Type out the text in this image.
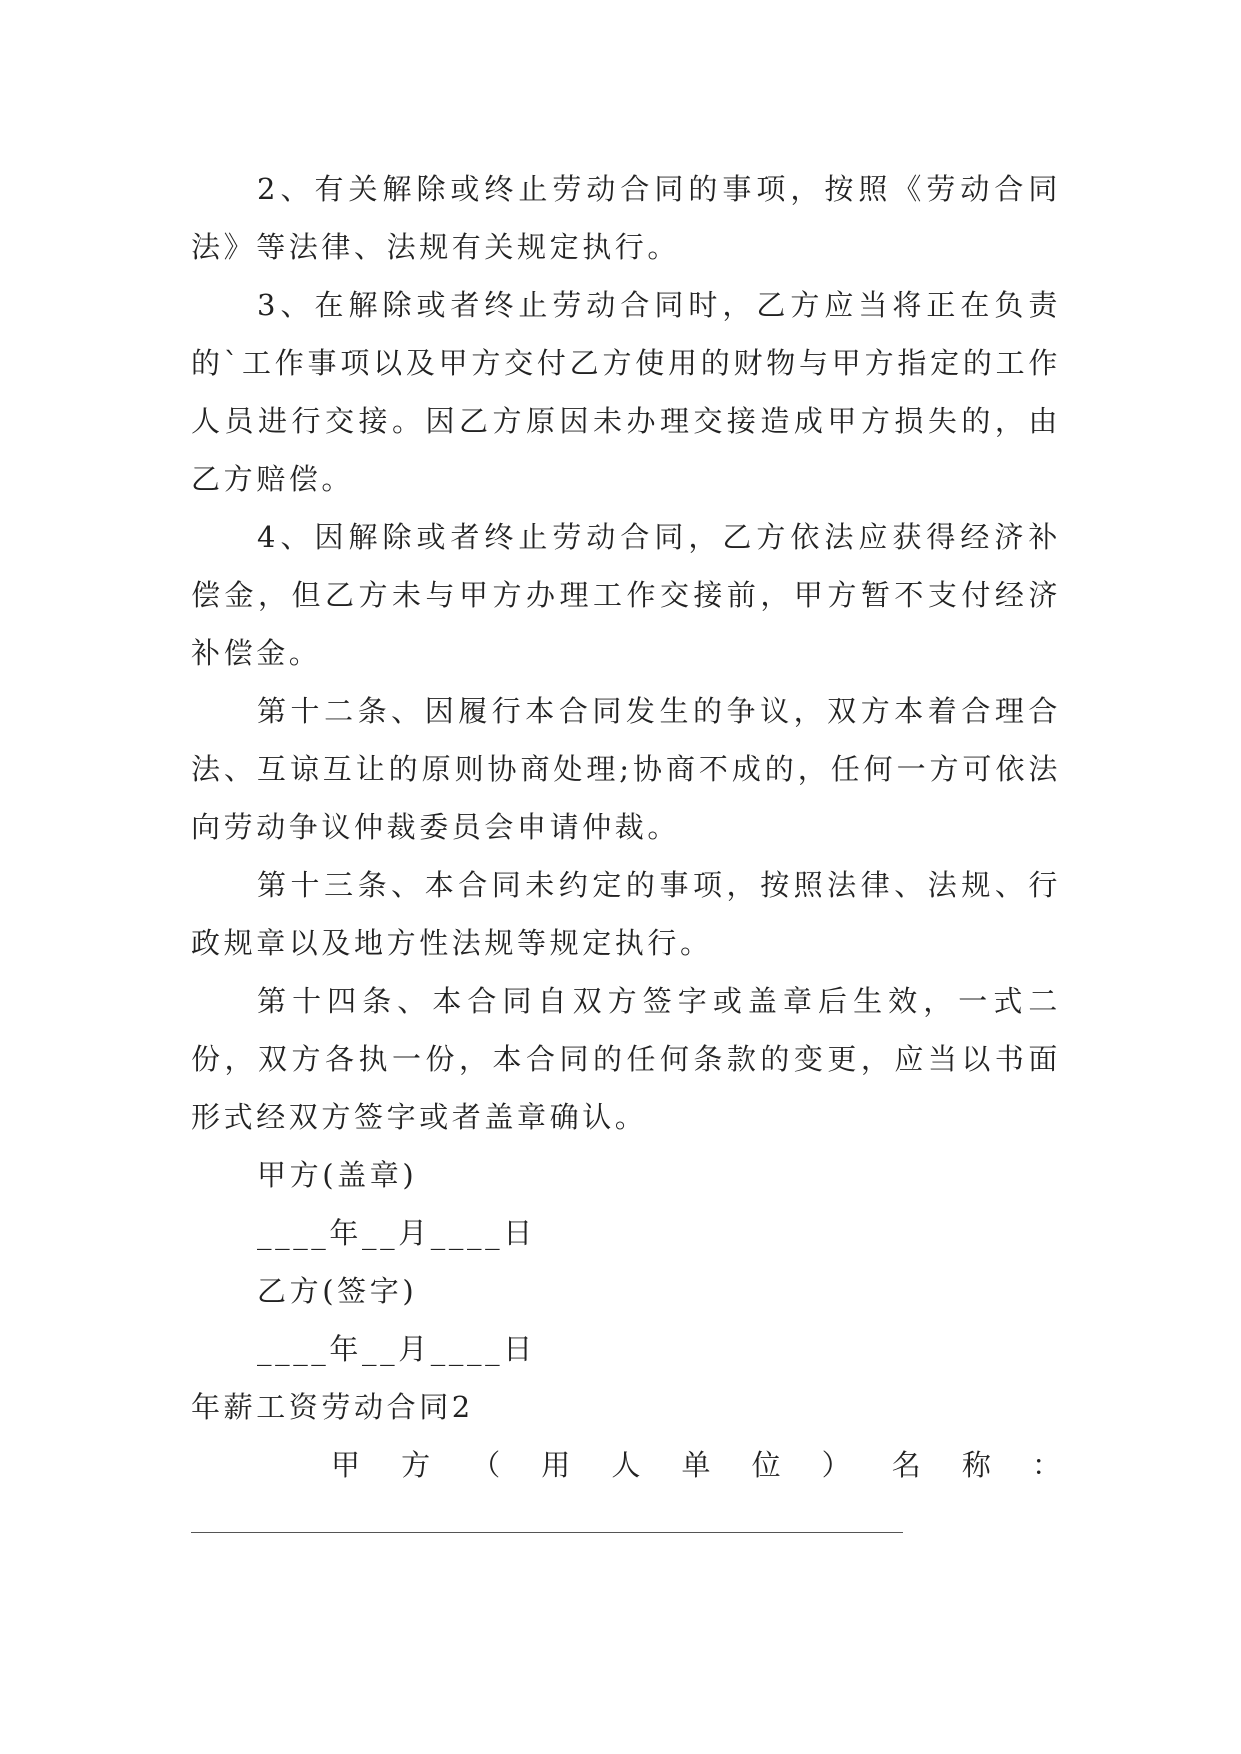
2、有关解除或终止劳动合同的事项，按照《劳动合同法》等法律、法规有关规定执行。

3、在解除或者终止劳动合同时，乙方应当将正在负责的`工作事项以及甲方交付乙方使用的财物与甲方指定的工作人员进行交接。因乙方原因未办理交接造成甲方损失的，由乙方赔偿。

4、因解除或者终止劳动合同，乙方依法应获得经济补偿金，但乙方未与甲方办理工作交接前，甲方暂不支付经济补偿金。

第十二条、因履行本合同发生的争议，双方本着合理合法、互谅互让的原则协商处理;协商不成的，任何一方可依法向劳动争议仲裁委员会申请仲裁。

第十三条、本合同未约定的事项，按照法律、法规、行政规章以及地方性法规等规定执行。

第十四条、本合同自双方签字或盖章后生效，一式二份，双方各执一份，本合同的任何条款的变更，应当以书面形式经双方签字或者盖章确认。

甲方(盖章)

____年__月____日

乙方(签字)

____年__月____日

年薪工资劳动合同2

甲 方 （ 用 人 单 位 ） 名 称 ：
